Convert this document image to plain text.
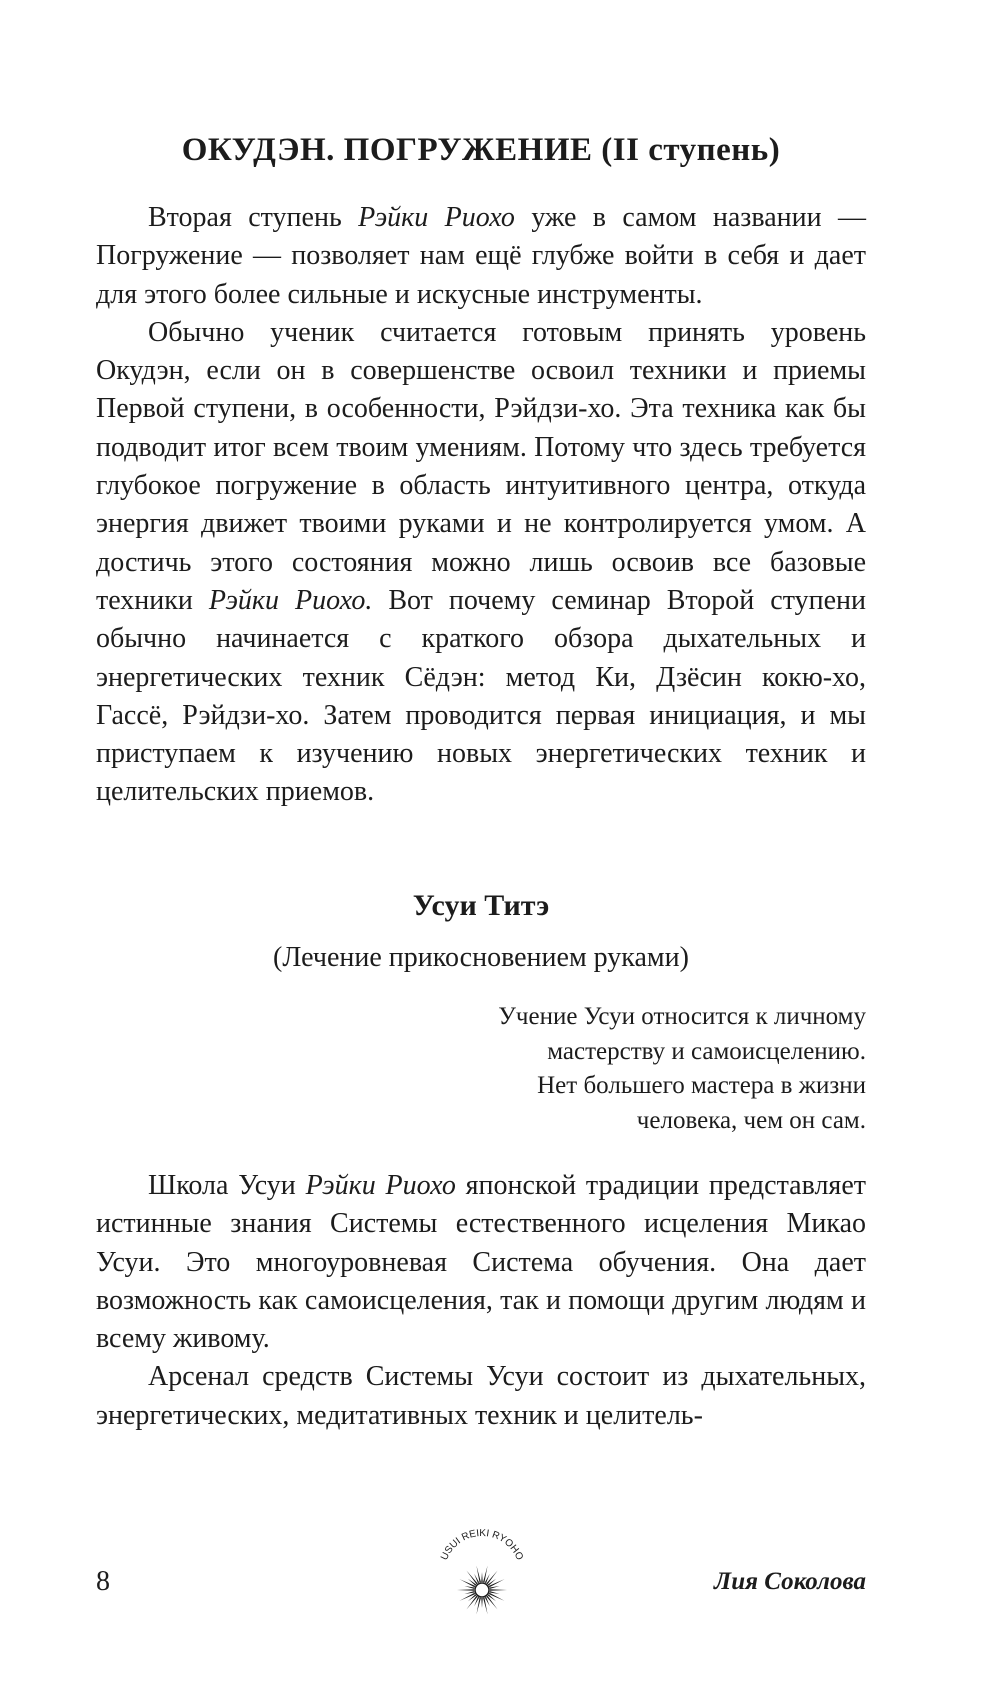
ОКУДЭН. ПОГРУЖЕНИЕ (II ступень)

Вторая ступень Рэйки Риохо уже в самом названии — Погружение — позволяет нам ещё глубже войти в себя и дает для этого более сильные и искусные инструменты.

Обычно ученик считается готовым принять уровень Окудэн, если он в совершенстве освоил техники и приемы Первой ступени, в особенности, Рэйдзи-хо. Эта техника как бы подводит итог всем твоим умениям. Потому что здесь требуется глубокое погружение в область интуитивного центра, откуда энергия движет твоими руками и не контролируется умом. А достичь этого состояния можно лишь освоив все базовые техники Рэйки Риохо. Вот почему семинар Второй ступени обычно начинается с краткого обзора дыхательных и энергетических техник Сёдэн: метод Ки, Дзёсин кокю-хо, Гассё, Рэйдзи-хо. Затем проводится первая инициация, и мы приступаем к изучению новых энергетических техник и целительских приемов.

Усуи Титэ

(Лечение прикосновением руками)

Учение Усуи относится к личному
мастерству и самоисцелению.
Нет большего мастера в жизни
человека, чем он сам.

Школа Усуи Рэйки Риохо японской традиции представляет истинные знания Системы естественного исцеления Микао Усуи. Это многоуровневая Система обучения. Она дает возможность как самоисцеления, так и помощи другим людям и всему живому.

Арсенал средств Системы Усуи состоит из дыхательных, энергетических, медитативных техник и целитель-

8
USUI REIKI RYOHO
Лия Соколова
